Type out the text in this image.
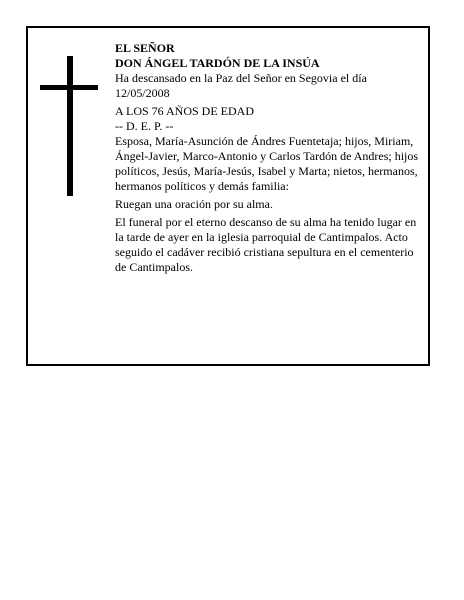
EL SEÑOR

DON ÁNGEL TARDÓN DE LA INSÚA

Ha descansado en la Paz del Señor en Segovia el día 12/05/2008

A LOS 76 AÑOS DE EDAD

-- D. E. P. --

Esposa, María-Asunción de Ándres Fuentetaja; hijos, Miriam, Ángel-Javier, Marco-Antonio y Carlos Tardón de Andres; hijos políticos, Jesús, María-Jesús, Isabel y Marta; nietos, hermanos, hermanos políticos y demás familia:

Ruegan una oración por su alma.

El funeral por el eterno descanso de su alma ha tenido lugar en la tarde de ayer en la iglesia parroquial de Cantimpalos. Acto seguido el cadáver recibió cristiana sepultura en el cementerio de Cantimpalos.
